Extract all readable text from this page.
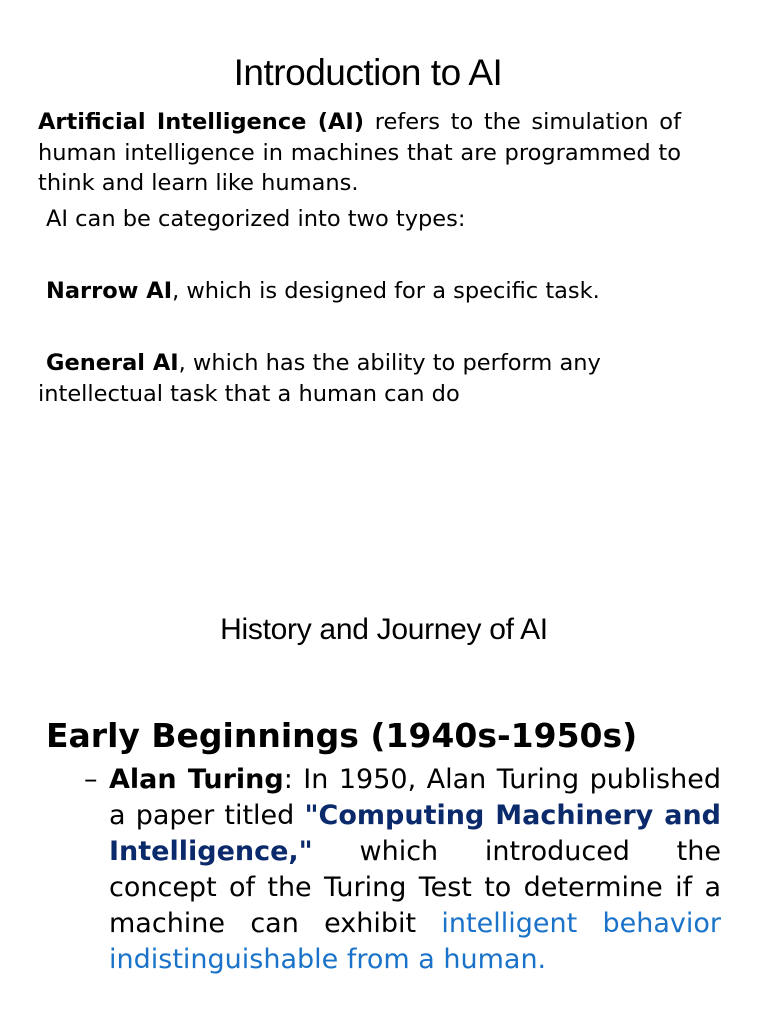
Introduction to AI

Artificial Intelligence (AI) refers to the simulation of human intelligence in machines that are programmed to think and learn like humans.

AI can be categorized into two types:

Narrow AI, which is designed for a specific task.

General AI, which has the ability to perform any intellectual task that a human can do

History and Journey of AI
Early Beginnings (1940s-1950s)
– Alan Turing: In 1950, Alan Turing published a paper titled "Computing Machinery and Intelligence," which introduced the concept of the Turing Test to determine if a machine can exhibit intelligent behavior indistinguishable from a human.
